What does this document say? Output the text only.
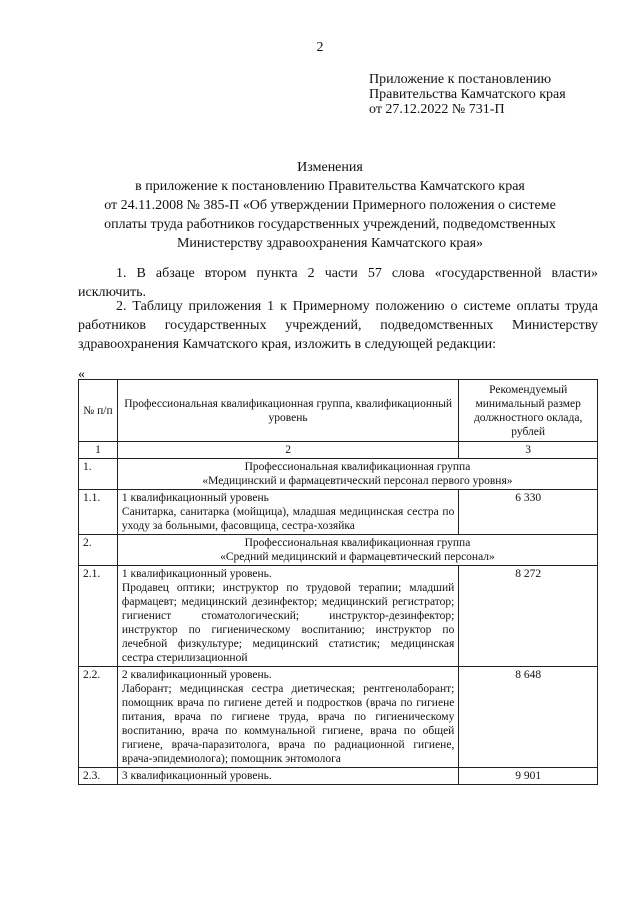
2
Приложение к постановлению
Правительства Камчатского края
от 27.12.2022 № 731-П
Изменения
в приложение к постановлению Правительства Камчатского края
от 24.11.2008 № 385-П «Об утверждении Примерного положения о системе
оплаты труда работников государственных учреждений, подведомственных
Министерству здравоохранения Камчатского края»
1. В абзаце втором пункта 2 части 57 слова «государственной власти» исключить.
2. Таблицу приложения 1 к Примерному положению о системе оплаты труда работников государственных учреждений, подведомственных Министерству здравоохранения Камчатского края, изложить в следующей редакции:
«
№ п/п	Профессиональная квалификационная группа, квалификационный уровень	Рекомендуемый минимальный размер должностного оклада, рублей
1	2	3
1.	Профессиональная квалификационная группа
«Медицинский и фармацевтический персонал первого уровня»	

1.1.	1 квалификационный уровень
Санитарка, санитарка (мойщица), младшая медицинская сестра по уходу за больными, фасовщица, сестра-хозяйка	6 330
2.	Профессиональная квалификационная группа
«Средний медицинский и фармацевтический персонал»	

2.1.	1 квалификационный уровень.
Продавец оптики; инструктор по трудовой терапии; младший фармацевт; медицинский дезинфектор; медицинский регистратор; гигиенист стоматологический; инструктор-дезинфектор; инструктор по гигиеническому воспитанию; инструктор по лечебной физкультуре; медицинский статистик; медицинская сестра стерилизационной	8 272
2.2.	2 квалификационный уровень.
Лаборант; медицинская сестра диетическая; рентгенолаборант; помощник врача по гигиене детей и подростков (врача по гигиене питания, врача по гигиене труда, врача по гигиеническому воспитанию, врача по коммунальной гигиене, врача по общей гигиене, врача-паразитолога, врача по радиационной гигиене, врача-эпидемиолога); помощник энтомолога	8 648
2.3.	3 квалификационный уровень.	9 901
